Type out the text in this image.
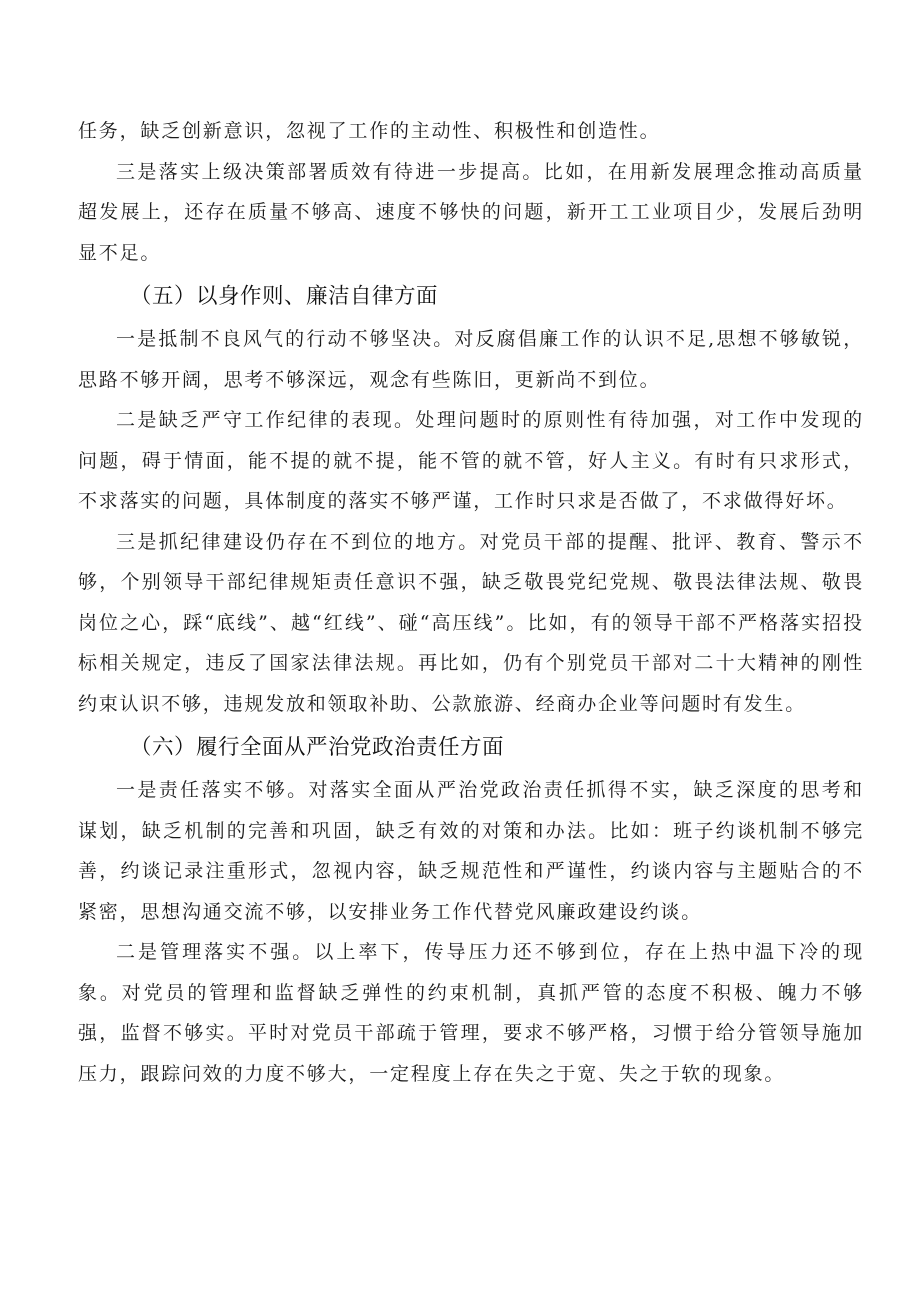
任务，缺乏创新意识，忽视了工作的主动性、积极性和创造性。

三是落实上级决策部署质效有待进一步提高。比如，在用新发展理念推动高质量超发展上，还存在质量不够高、速度不够快的问题，新开工工业项目少，发展后劲明显不足。

（五）以身作则、廉洁自律方面

一是抵制不良风气的行动不够坚决。对反腐倡廉工作的认识不足,思想不够敏锐，思路不够开阔，思考不够深远，观念有些陈旧，更新尚不到位。

二是缺乏严守工作纪律的表现。处理问题时的原则性有待加强，对工作中发现的问题，碍于情面，能不提的就不提，能不管的就不管，好人主义。有时有只求形式，不求落实的问题，具体制度的落实不够严谨，工作时只求是否做了，不求做得好坏。

三是抓纪律建设仍存在不到位的地方。对党员干部的提醒、批评、教育、警示不够，个别领导干部纪律规矩责任意识不强，缺乏敬畏党纪党规、敬畏法律法规、敬畏岗位之心，踩“底线”、越“红线”、碰“高压线”。比如，有的领导干部不严格落实招投标相关规定，违反了国家法律法规。再比如，仍有个别党员干部对二十大精神的刚性约束认识不够，违规发放和领取补助、公款旅游、经商办企业等问题时有发生。

（六）履行全面从严治党政治责任方面

一是责任落实不够。对落实全面从严治党政治责任抓得不实，缺乏深度的思考和谋划，缺乏机制的完善和巩固，缺乏有效的对策和办法。比如：班子约谈机制不够完善，约谈记录注重形式，忽视内容，缺乏规范性和严谨性，约谈内容与主题贴合的不紧密，思想沟通交流不够，以安排业务工作代替党风廉政建设约谈。

二是管理落实不强。以上率下，传导压力还不够到位，存在上热中温下冷的现象。对党员的管理和监督缺乏弹性的约束机制，真抓严管的态度不积极、魄力不够强，监督不够实。平时对党员干部疏于管理，要求不够严格，习惯于给分管领导施加压力，跟踪问效的力度不够大，一定程度上存在失之于宽、失之于软的现象。
